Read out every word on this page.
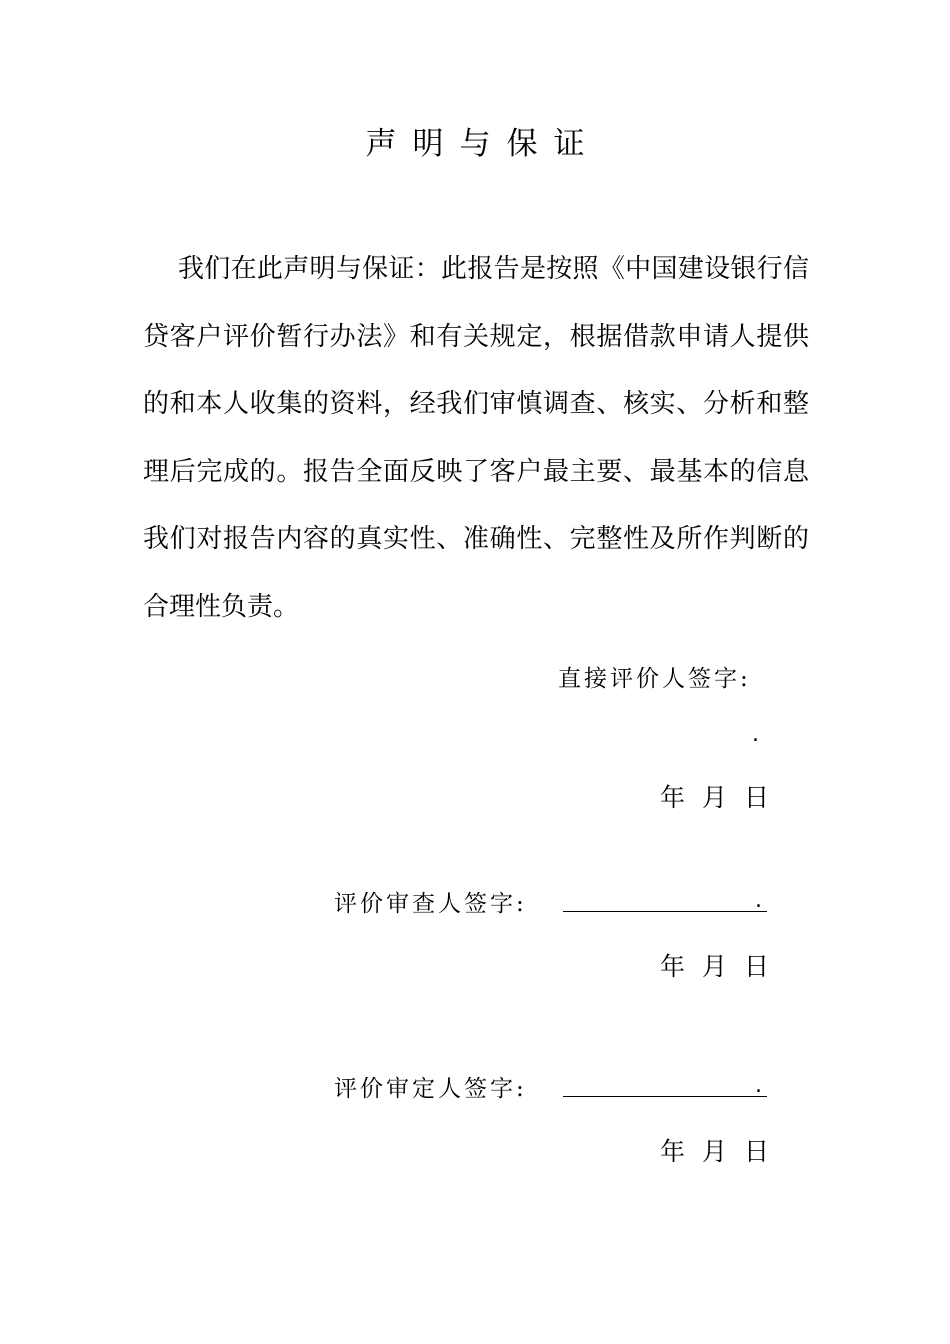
声明与保证

我们在此声明与保证：此报告是按照《中国建设银行信贷客户评价暂行办法》和有关规定，根据借款申请人提供的和本人收集的资料，经我们审慎调查、核实、分析和整理后完成的。报告全面反映了客户最主要、最基本的信息我们对报告内容的真实性、准确性、完整性及所作判断的合理性负责。

直接评价人签字:
.
年 月 日
评价审查人签字:	.
年 月 日
评价审定人签字:	.
年 月 日
